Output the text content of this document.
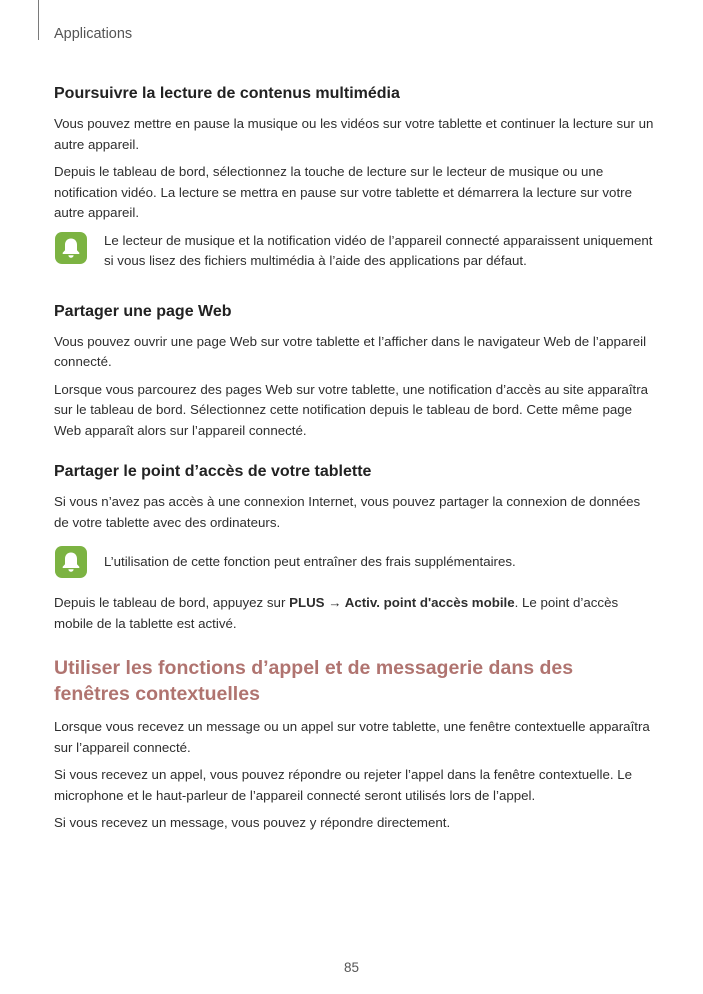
Applications
Poursuivre la lecture de contenus multimédia

Vous pouvez mettre en pause la musique ou les vidéos sur votre tablette et continuer la lecture sur un autre appareil.

Depuis le tableau de bord, sélectionnez la touche de lecture sur le lecteur de musique ou une notification vidéo. La lecture se mettra en pause sur votre tablette et démarrera la lecture sur votre autre appareil.

Le lecteur de musique et la notification vidéo de l’appareil connecté apparaissent uniquement si vous lisez des fichiers multimédia à l’aide des applications par défaut.
Partager une page Web

Vous pouvez ouvrir une page Web sur votre tablette et l’afficher dans le navigateur Web de l’appareil connecté.

Lorsque vous parcourez des pages Web sur votre tablette, une notification d’accès au site apparaîtra sur le tableau de bord. Sélectionnez cette notification depuis le tableau de bord. Cette même page Web apparaît alors sur l’appareil connecté.

Partager le point d’accès de votre tablette

Si vous n’avez pas accès à une connexion Internet, vous pouvez partager la connexion de données de votre tablette avec des ordinateurs.

L’utilisation de cette fonction peut entraîner des frais supplémentaires.

Depuis le tableau de bord, appuyez sur PLUS → Activ. point d'accès mobile. Le point d’accès mobile de la tablette est activé.

Utiliser les fonctions d’appel et de messagerie dans des fenêtres contextuelles

Lorsque vous recevez un message ou un appel sur votre tablette, une fenêtre contextuelle apparaîtra sur l’appareil connecté.

Si vous recevez un appel, vous pouvez répondre ou rejeter l’appel dans la fenêtre contextuelle. Le microphone et le haut-parleur de l’appareil connecté seront utilisés lors de l’appel.

Si vous recevez un message, vous pouvez y répondre directement.

85
